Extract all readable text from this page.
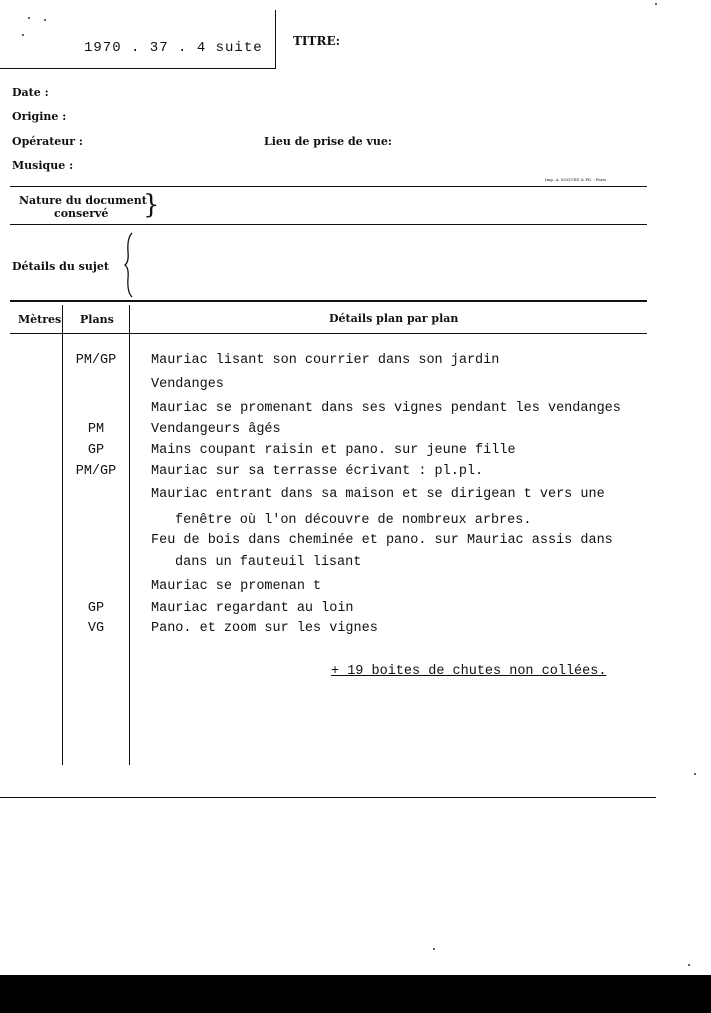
1970 . 37 . 4 suite	TITRE:
Date :
Origine :
Opérateur :	Lieu de prise de vue:
Musique :
Imp. A. SOQUES & Fil. - Paris
Nature du document
conservé }
Détails du sujet
Mètres Plans	Détails plan par plan
PM/GP	Mauriac lisant son courrier dans son jardin
Vendanges
Mauriac se promenant dans ses vignes pendant les vendanges
PM	Vendangeurs âgés
GP	Mains coupant raisin et pano. sur jeune fille
PM/GP	Mauriac sur sa terrasse écrivant : pl.pl.
Mauriac entrant dans sa maison et se dirigean t vers une
fenêtre où l'on découvre de nombreux arbres.
Feu de bois dans cheminée et pano. sur Mauriac assis dans
dans un fauteuil lisant
Mauriac se promenan t
GP	Mauriac regardant au loin
VG	Pano. et zoom sur les vignes
+ 19 boites de chutes non collées.
